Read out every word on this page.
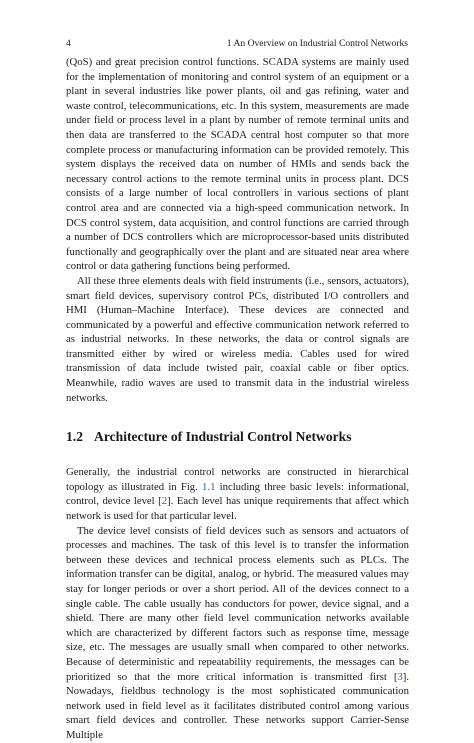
4	1 An Overview on Industrial Control Networks

(QoS) and great precision control functions. SCADA systems are mainly used for the implementation of monitoring and control system of an equipment or a plant in several industries like power plants, oil and gas refining, water and waste control, telecommunications, etc. In this system, measurements are made under field or process level in a plant by number of remote terminal units and then data are transferred to the SCADA central host computer so that more complete process or manufacturing information can be provided remotely. This system displays the received data on number of HMIs and sends back the necessary control actions to the remote terminal units in process plant. DCS consists of a large number of local controllers in various sections of plant control area and are connected via a high-speed communication network. In DCS control system, data acquisition, and control functions are carried through a number of DCS controllers which are microprocessor-based units distributed functionally and geographically over the plant and are situated near area where control or data gathering functions being performed.

All these three elements deals with field instruments (i.e., sensors, actuators), smart field devices, supervisory control PCs, distributed I/O controllers and HMI (Human–Machine Interface). These devices are connected and communicated by a powerful and effective communication network referred to as industrial networks. In these networks, the data or control signals are transmitted either by wired or wireless media. Cables used for wired transmission of data include twisted pair, coaxial cable or fiber optics. Meanwhile, radio waves are used to transmit data in the industrial wireless networks.

1.2 Architecture of Industrial Control Networks

Generally, the industrial control networks are constructed in hierarchical topology as illustrated in Fig. 1.1 including three basic levels: informational, control, device level [2]. Each level has unique requirements that affect which network is used for that particular level.

The device level consists of field devices such as sensors and actuators of processes and machines. The task of this level is to transfer the information between these devices and technical process elements such as PLCs. The information transfer can be digital, analog, or hybrid. The measured values may stay for longer periods or over a short period. All of the devices connect to a single cable. The cable usually has conductors for power, device signal, and a shield. There are many other field level communication networks available which are characterized by different factors such as response time, message size, etc. The messages are usually small when compared to other networks. Because of deterministic and repeatability requirements, the messages can be prioritized so that the more critical information is transmitted first [3]. Nowadays, fieldbus technology is the most sophisticated communication network used in field level as it facilitates distributed control among various smart field devices and controller. These networks support Carrier-Sense Multiple
